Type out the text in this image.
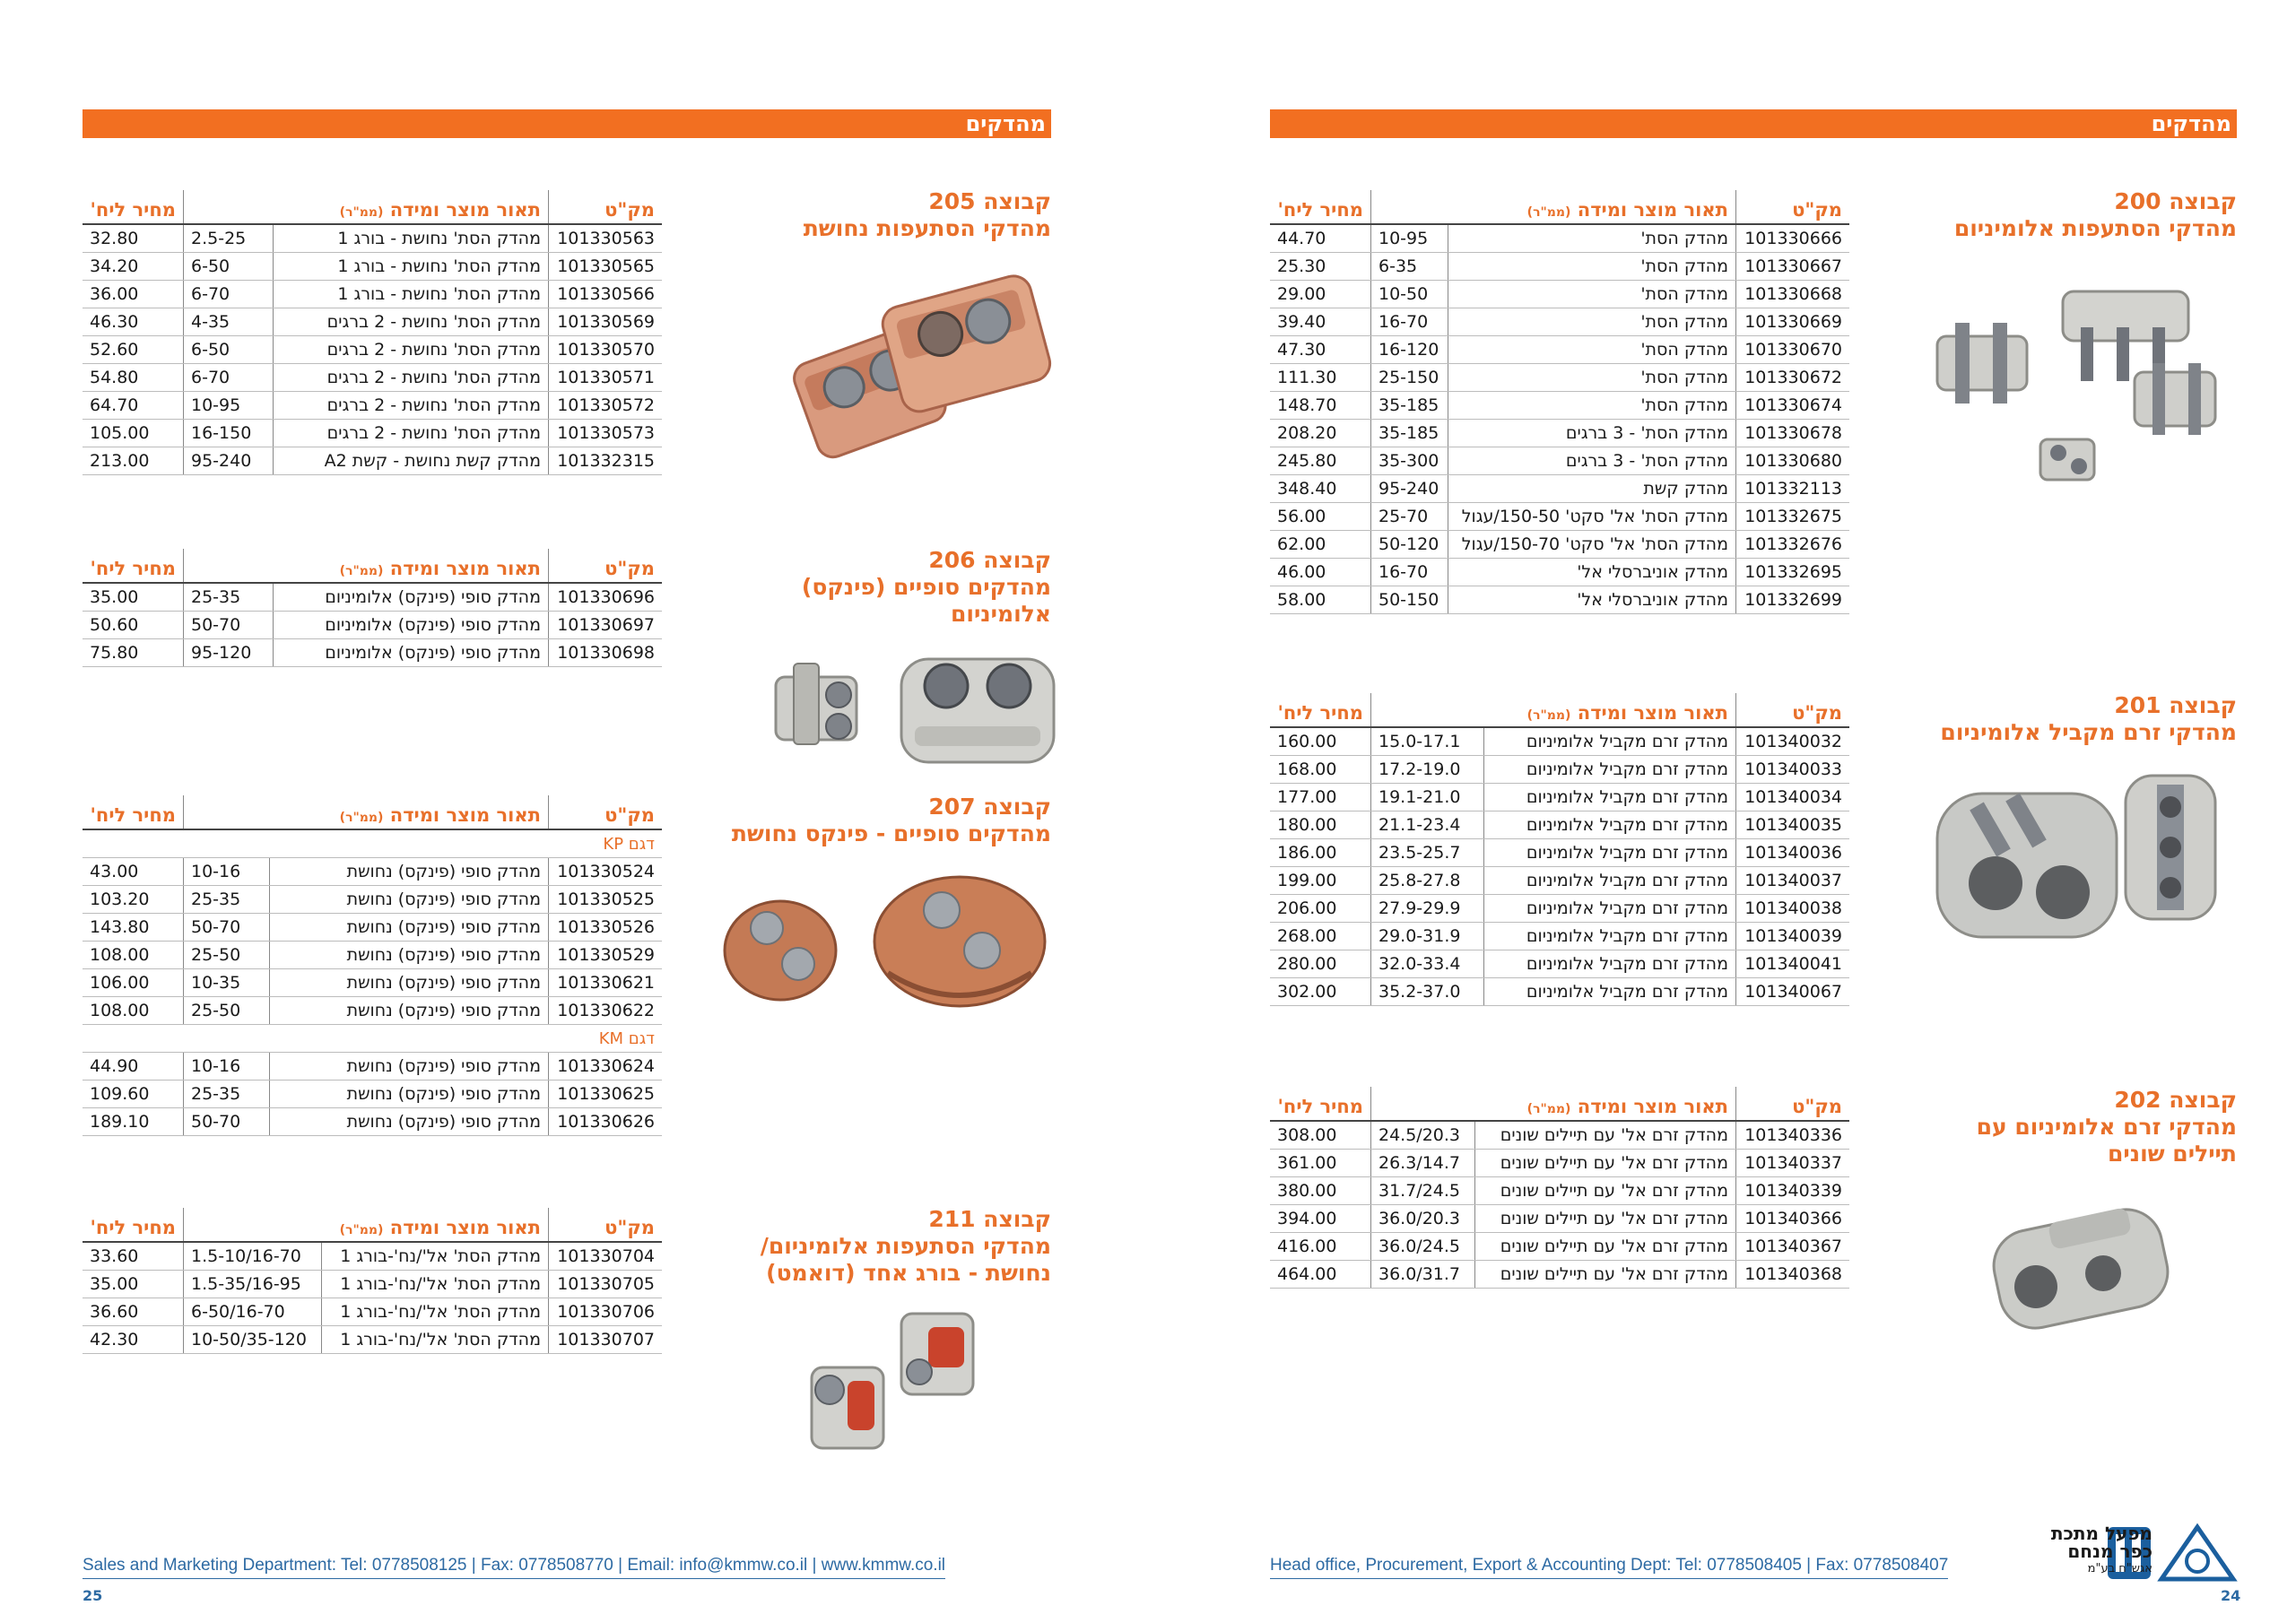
מהדקים
קבוצה 205
מהדקי הסתעפות נחושת
מק"ט	תאור מוצר ומידה (ממ"ר)		מחיר ליח'
101330563	מהדק הסת' נחושת - בורג 1	2.5-25	32.80
101330565	מהדק הסת' נחושת - בורג 1	6-50	34.20
101330566	מהדק הסת' נחושת - בורג 1	6-70	36.00
101330569	מהדק הסת' נחושת - 2 ברגים	4-35	46.30
101330570	מהדק הסת' נחושת - 2 ברגים	6-50	52.60
101330571	מהדק הסת' נחושת - 2 ברגים	6-70	54.80
101330572	מהדק הסת' נחושת - 2 ברגים	10-95	64.70
101330573	מהדק הסת' נחושת - 2 ברגים	16-150	105.00
101332315	מהדק קשת נחושת - קשת A2	95-240	213.00
קבוצה 206
מהדקים סופיים (פינקס)
אלומיניום
מק"ט	תאור מוצר ומידה (ממ"ר)		מחיר ליח'
101330696	מהדק סופי (פינקס) אלומיניום	25-35	35.00
101330697	מהדק סופי (פינקס) אלומיניום	50-70	50.60
101330698	מהדק סופי (פינקס) אלומיניום	95-120	75.80
קבוצה 207
מהדקים סופיים - פינקס נחושת
מק"ט	תאור מוצר ומידה (ממ"ר)		מחיר ליח'
דגם KP			
101330524	מהדק סופי (פינקס) נחושת	10-16	43.00
101330525	מהדק סופי (פינקס) נחושת	25-35	103.20
101330526	מהדק סופי (פינקס) נחושת	50-70	143.80
101330529	מהדק סופי (פינקס) נחושת	25-50	108.00
101330621	מהדק סופי (פינקס) נחושת	10-35	106.00
101330622	מהדק סופי (פינקס) נחושת	25-50	108.00
דגם KM			
101330624	מהדק סופי (פינקס) נחושת	10-16	44.90
101330625	מהדק סופי (פינקס) נחושת	25-35	109.60
101330626	מהדק סופי (פינקס) נחושת	50-70	189.10
קבוצה 211
מהדקי הסתעפות אלומיניום/
נחושת - בורג אחד (דואמט)
מק"ט	תאור מוצר ומידה (ממ"ר)		מחיר ליח'
101330704	מהדק הסת' אל'/נח'-בורג 1	1.5-10/16-70	33.60
101330705	מהדק הסת' אל'/נח'-בורג 1	1.5-35/16-95	35.00
101330706	מהדק הסת' אל'/נח'-בורג 1	6-50/16-70	36.60
101330707	מהדק הסת' אל'/נח'-בורג 1	10-50/35-120	42.30
Sales and Marketing Department: Tel: 0778508125 | Fax: 0778508770 | Email: info@kmmw.co.il | www.kmmw.co.il
25
מהדקים
קבוצה 200
מהדקי הסתעפות אלומיניום
מק"ט	תאור מוצר ומידה (ממ"ר)		מחיר ליח'
101330666	מהדק הסת'	10-95	44.70
101330667	מהדק הסת'	6-35	25.30
101330668	מהדק הסת'	10-50	29.00
101330669	מהדק הסת'	16-70	39.40
101330670	מהדק הסת'	16-120	47.30
101330672	מהדק הסת'	25-150	111.30
101330674	מהדק הסת'	35-185	148.70
101330678	מהדק הסת' - 3 ברגים	35-185	208.20
101330680	מהדק הסת' - 3 ברגים	35-300	245.80
101332113	מהדק קשת	95-240	348.40
101332675	מהדק הסת' אל' סקט' 150-50/עגול	25-70	56.00
101332676	מהדק הסת' אל' סקט' 150-70/עגול	50-120	62.00
101332695	מהדק אוניברסלי אל'	16-70	46.00
101332699	מהדק אוניברסלי אל'	50-150	58.00
קבוצה 201
מהדקי זרם מקביל אלומיניום
מק"ט	תאור מוצר ומידה (ממ"ר)		מחיר ליח'
101340032	מהדק זרם מקביל אלומיניום	15.0-17.1	160.00
101340033	מהדק זרם מקביל אלומיניום	17.2-19.0	168.00
101340034	מהדק זרם מקביל אלומיניום	19.1-21.0	177.00
101340035	מהדק זרם מקביל אלומיניום	21.1-23.4	180.00
101340036	מהדק זרם מקביל אלומיניום	23.5-25.7	186.00
101340037	מהדק זרם מקביל אלומיניום	25.8-27.8	199.00
101340038	מהדק זרם מקביל אלומיניום	27.9-29.9	206.00
101340039	מהדק זרם מקביל אלומיניום	29.0-31.9	268.00
101340041	מהדק זרם מקביל אלומיניום	32.0-33.4	280.00
101340067	מהדק זרם מקביל אלומיניום	35.2-37.0	302.00
קבוצה 202
מהדקי זרם אלומיניום עם
תיילים שונים
מק"ט	תאור מוצר ומידה (ממ"ר)		מחיר ליח'
101340336	מהדק זרם אל' עם תיילים שונים	24.5/20.3	308.00
101340337	מהדק זרם אל' עם תיילים שונים	26.3/14.7	361.00
101340339	מהדק זרם אל' עם תיילים שונים	31.7/24.5	380.00
101340366	מהדק זרם אל' עם תיילים שונים	36.0/20.3	394.00
101340367	מהדק זרם אל' עם תיילים שונים	36.0/24.5	416.00
101340368	מהדק זרם אל' עם תיילים שונים	36.0/31.7	464.00
מפעל מתכת
כפר מנחם
אגש"ח בע"מ
Head office, Procurement, Export & Accounting Dept: Tel: 0778508405 | Fax: 0778508407
24
